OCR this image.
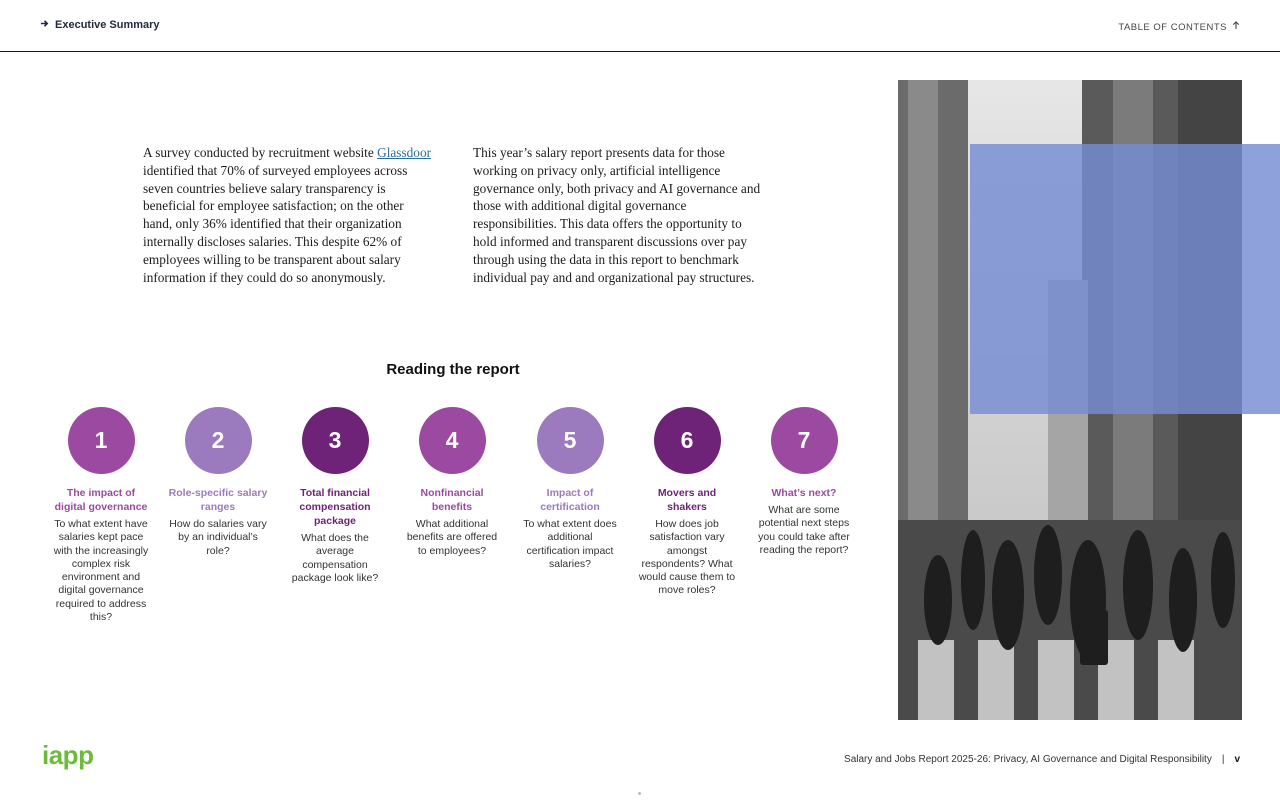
Executive Summary	TABLE OF CONTENTS
A survey conducted by recruitment website Glassdoor identified that 70% of surveyed employees across seven countries believe salary transparency is beneficial for employee satisfaction; on the other hand, only 36% identified that their organization internally discloses salaries. This despite 62% of employees willing to be transparent about salary information if they could do so anonymously.
This year’s salary report presents data for those working on privacy only, artificial intelligence governance only, both privacy and AI governance and those with additional digital governance responsibilities. This data offers the opportunity to hold informed and transparent discussions over pay through using the data in this report to benchmark individual pay and and organizational pay structures.
Reading the report
1
The impact of digital governance
To what extent have salaries kept pace with the increasingly complex risk environment and digital governance required to address this?
2
Role-specific salary ranges
How do salaries vary by an individual’s role?
3
Total financial compensation package
What does the average compensation package look like?
4
Nonfinancial benefits
What additional benefits are offered to employees?
5
Impact of certification
To what extent does additional certification impact salaries?
6
Movers and shakers
How does job satisfaction vary amongst respondents? What would cause them to move roles?
7
What’s next?
What are some potential next steps you could take after reading the report?
iapp	Salary and Jobs Report 2025-26: Privacy, AI Governance and Digital Responsibility | v
